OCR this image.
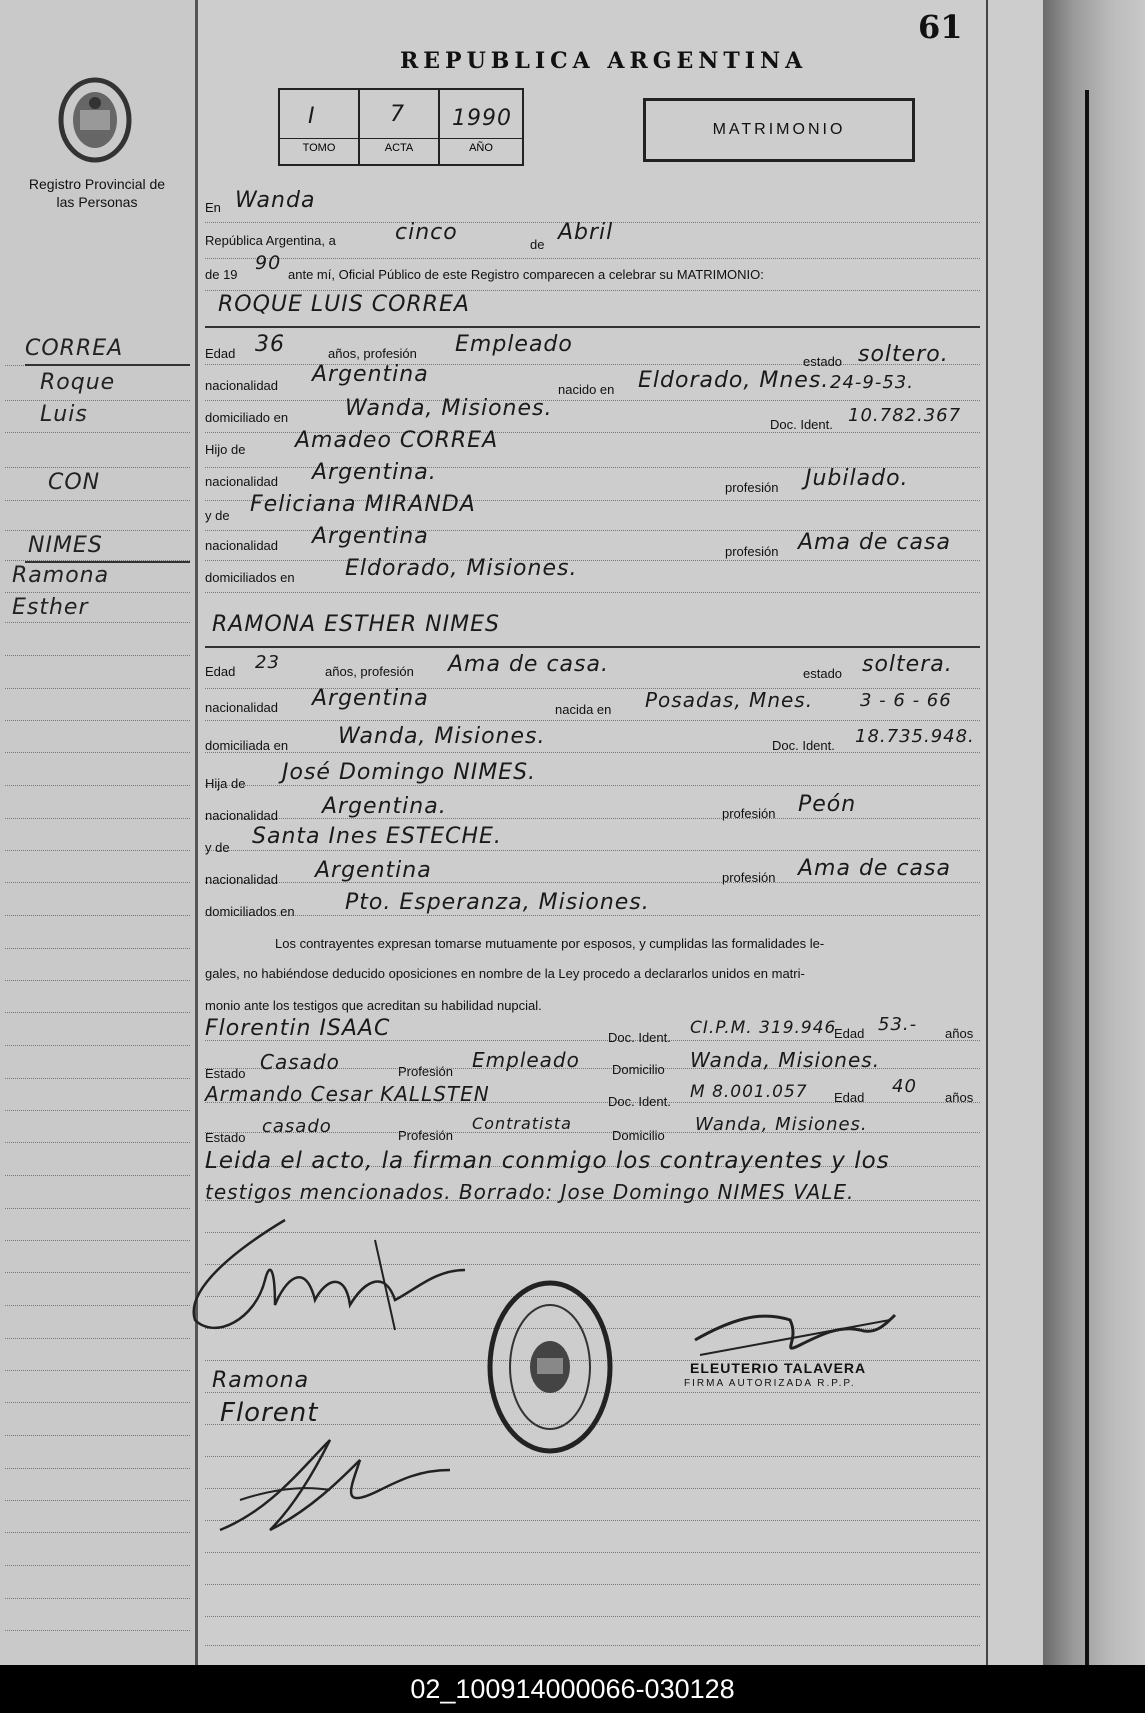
CORREA
Roque
Luis
CON
NIMES
Ramona
Esther
Registro Provincial de las Personas
61
REPUBLICA ARGENTINA
I
TOMO
7
ACTA
1990
AÑO
MATRIMONIO
En Wanda
República Argentina, a	cinco	de Abril
de 19
90
ante mí, Oficial Público de este Registro comparecen a celebrar su MATRIMONIO:
ROQUE LUIS CORREA
Edad 36	años, profesión Empleado
estado soltero.
nacionalidad Argentina
nacido en Eldorado, Mnes. 24-9-53.
domiciliado en	Wanda, Misiones.
Doc. Ident. 10.782.367
Hijo de Amadeo CORREA
nacionalidad Argentina.
profesión Jubilado.
y de Feliciana MIRANDA
nacionalidad Argentina
profesión Ama de casa
domiciliados en Eldorado, Misiones.
RAMONA ESTHER NIMES
Edad 23	años, profesión Ama de casa.	estado soltera.
nacionalidad Argentina	nacida en Posadas, Mnes.	3 - 6 - 66
domiciliada en Wanda, Misiones.	Doc. Ident. 18.735.948.
Hija de José Domingo NIMES.
nacionalidad Argentina.	profesión Peón
y de Santa Ines ESTECHE.
nacionalidad Argentina	profesión Ama de casa
domiciliados en Pto. Esperanza, Misiones.
Los contrayentes expresan tomarse mutuamente por esposos, y cumplidas las formalidades le-
gales, no habiéndose deducido oposiciones en nombre de la Ley procedo a declararlos unidos en matri-
monio ante los testigos que acreditan su habilidad nupcial.
Florentin ISAAC	Doc. Ident. CI.P.M. 319.946
Edad 53.- años
Estado Casado	Profesión Empleado Domicilio Wanda, Misiones.
Armando Cesar KALLSTEN	Doc. Ident. M 8.001.057 Edad
40
años
Estado
casado	Profesión
Contratista
Domicilio
Wanda, Misiones.
Leida el acto, la firman conmigo los contrayentes y los
testigos mencionados. Borrado: Jose Domingo NIMES VALE.
Ramona
Florent
ELEUTERIO TALAVERA
FIRMA AUTORIZADA R.P.P.
02_100914000066-030128
